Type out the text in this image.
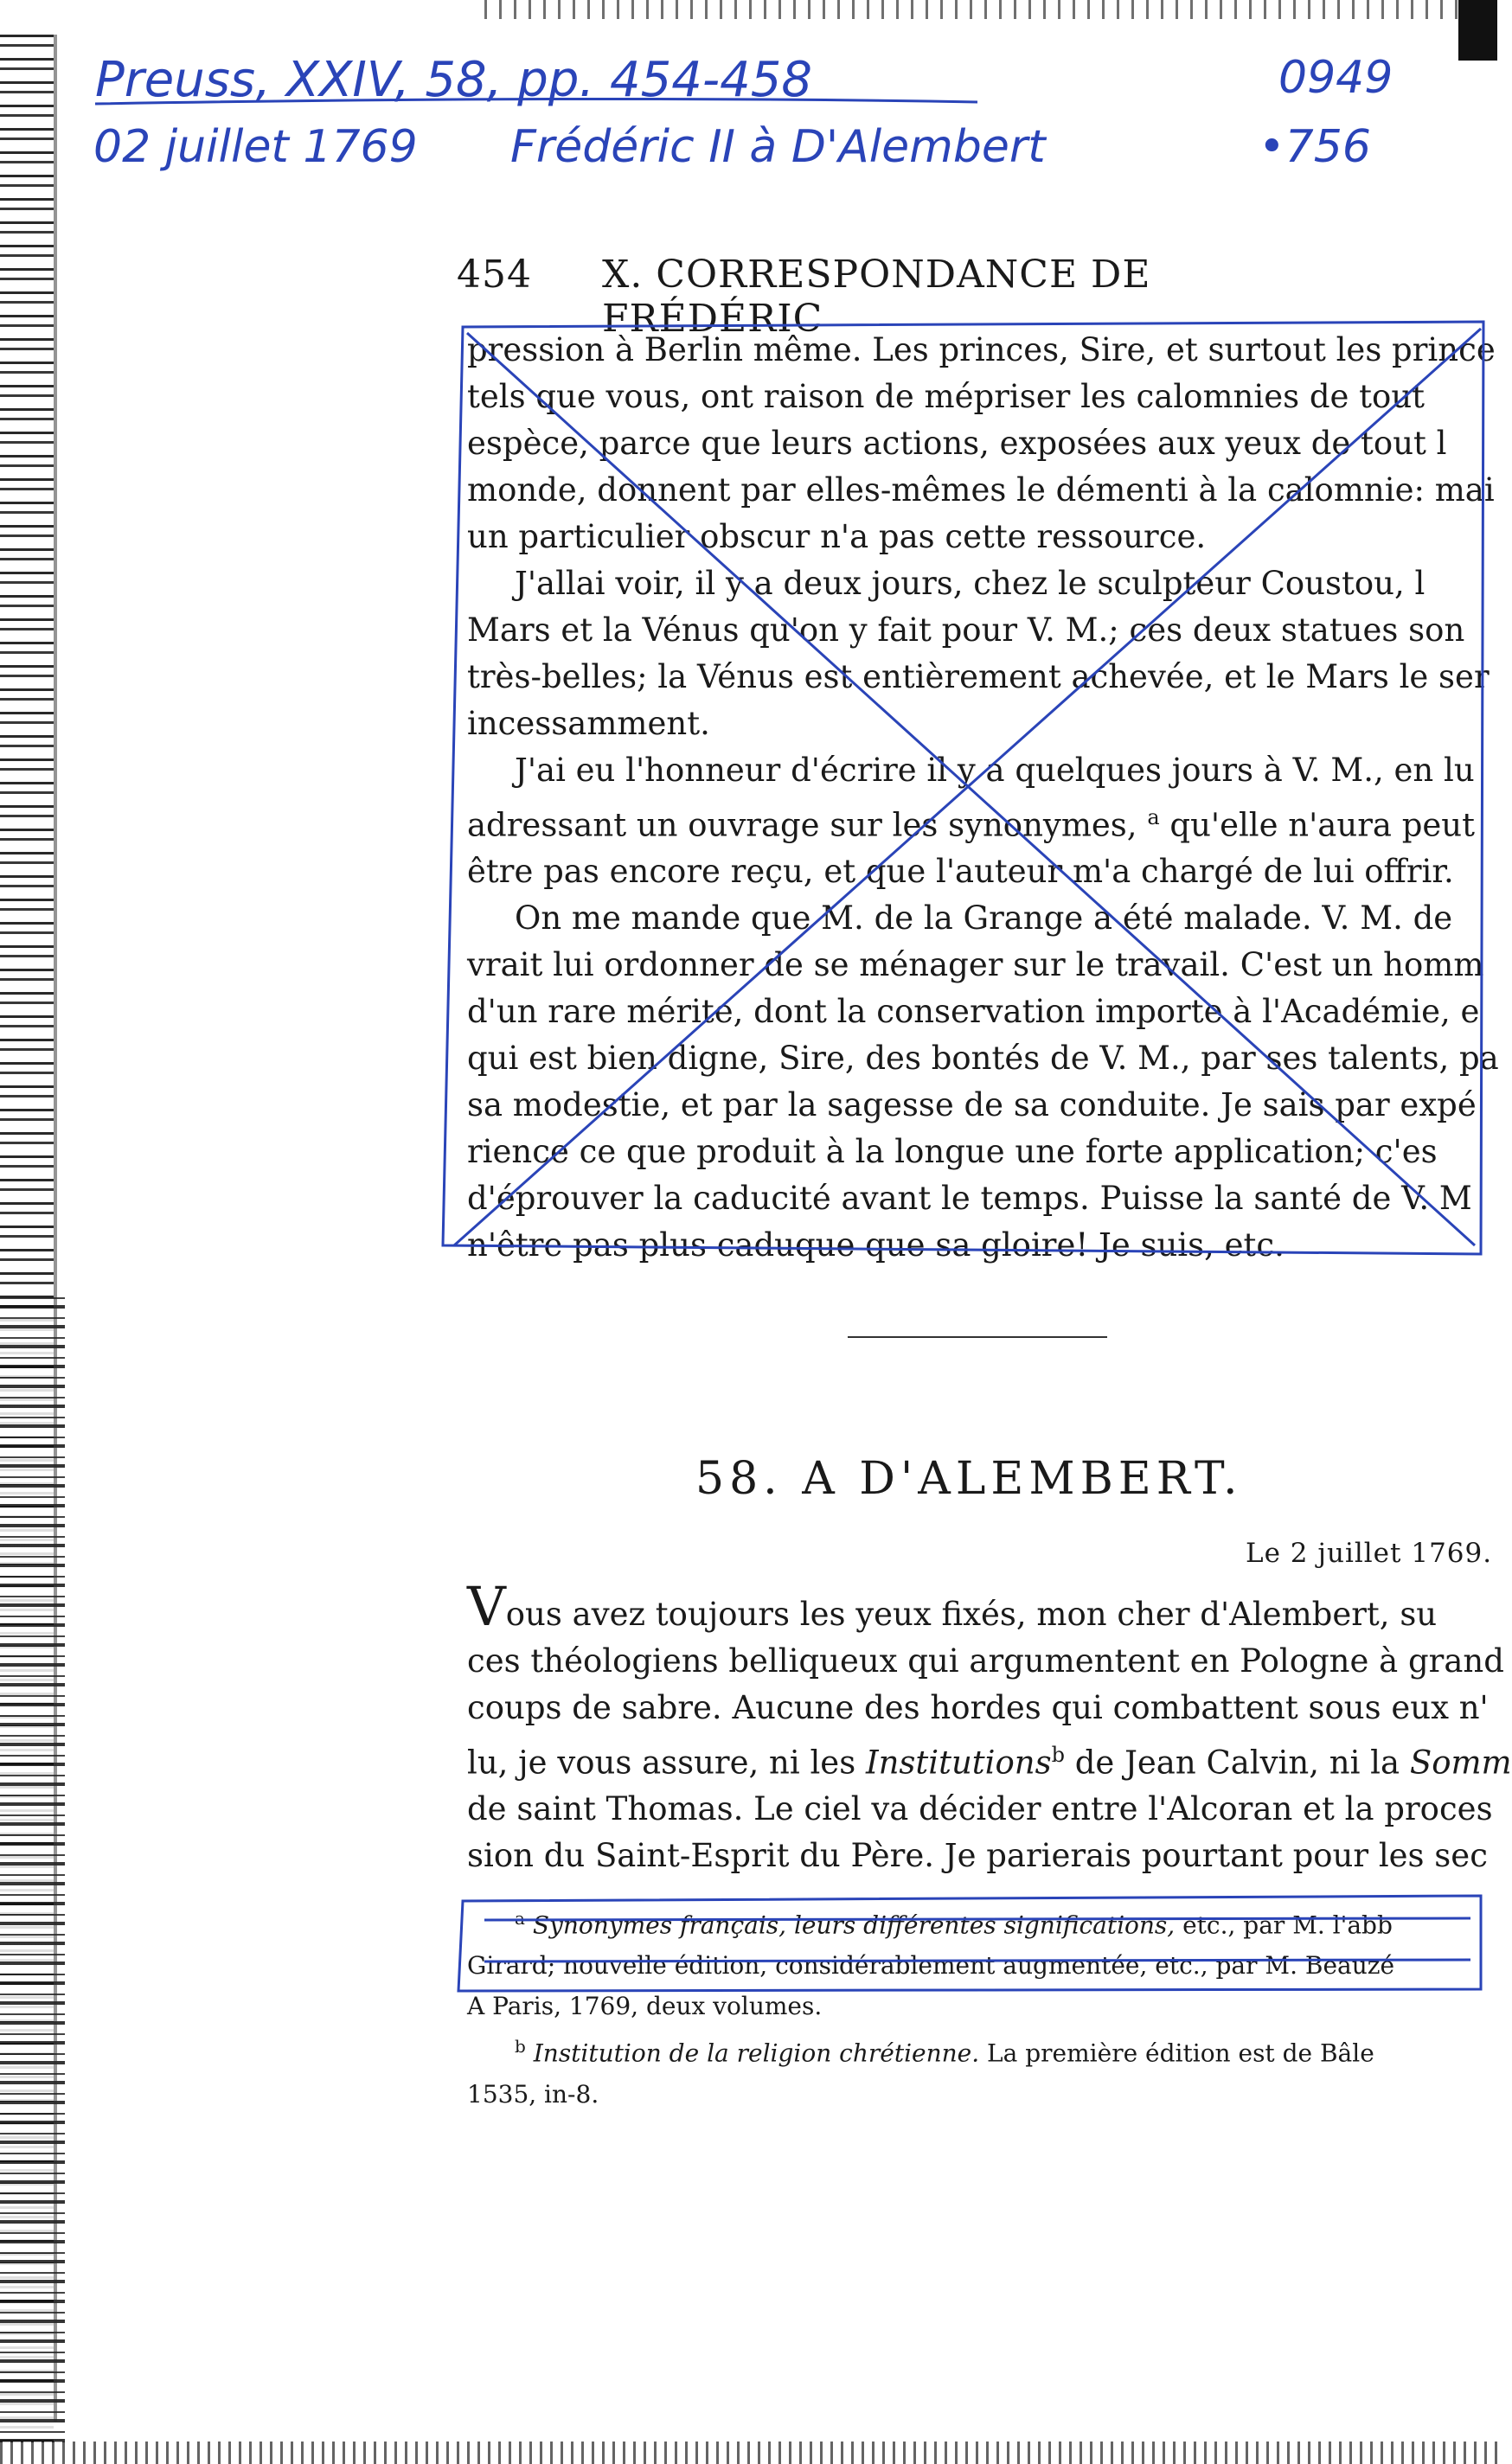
Preuss, XXIV, 58, pp. 454-458
02 juillet 1769 Frédéric II à D'Alembert
0949
•756
454 X. CORRESPONDANCE DE FRÉDÉRIC

pression à Berlin même. Les princes, Sire, et surtout les prince

tels que vous, ont raison de mépriser les calomnies de tout

espèce, parce que leurs actions, exposées aux yeux de tout l

monde, donnent par elles-mêmes le démenti à la calomnie: mai

un particulier obscur n'a pas cette ressource.

J'allai voir, il y a deux jours, chez le sculpteur Coustou, l

Mars et la Vénus qu'on y fait pour V. M.; ces deux statues son

très-belles; la Vénus est entièrement achevée, et le Mars le ser

incessamment.

J'ai eu l'honneur d'écrire il y a quelques jours à V. M., en lu

adressant un ouvrage sur les synonymes, $^a$ qu'elle n'aura peut

être pas encore reçu, et que l'auteur m'a chargé de lui offrir.

On me mande que M. de la Grange a été malade. V. M. de

vrait lui ordonner de se ménager sur le travail. C'est un homm

d'un rare mérite, dont la conservation importe à l'Académie, e

qui est bien digne, Sire, des bontés de V. M., par ses talents, pa

sa modestie, et par la sagesse de sa conduite. Je sais par expé

rience ce que produit à la longue une forte application; c'es

d'éprouver la caducité avant le temps. Puisse la santé de V. M

n'être pas plus caduque que sa gloire! Je suis, etc.

58. A D'ALEMBERT.
Le 2 juillet 1769.

Vous avez toujours les yeux fixés, mon cher d'Alembert, su

ces théologiens belliqueux qui argumentent en Pologne à grand

coups de sabre. Aucune des hordes qui combattent sous eux n'

lu, je vous assure, ni les Institutions$^b$ de Jean Calvin, ni la Somm

de saint Thomas. Le ciel va décider entre l'Alcoran et la proces

sion du Saint-Esprit du Père. Je parierais pourtant pour les sec

$^a$ Synonymes français, leurs différentes significations, etc., par M. l'abb

Girard; nouvelle édition, considérablement augmentée, etc., par M. Beauzé

A Paris, 1769, deux volumes.

$^b$ Institution de la religion chrétienne. La première édition est de Bâle

1535, in-8.
